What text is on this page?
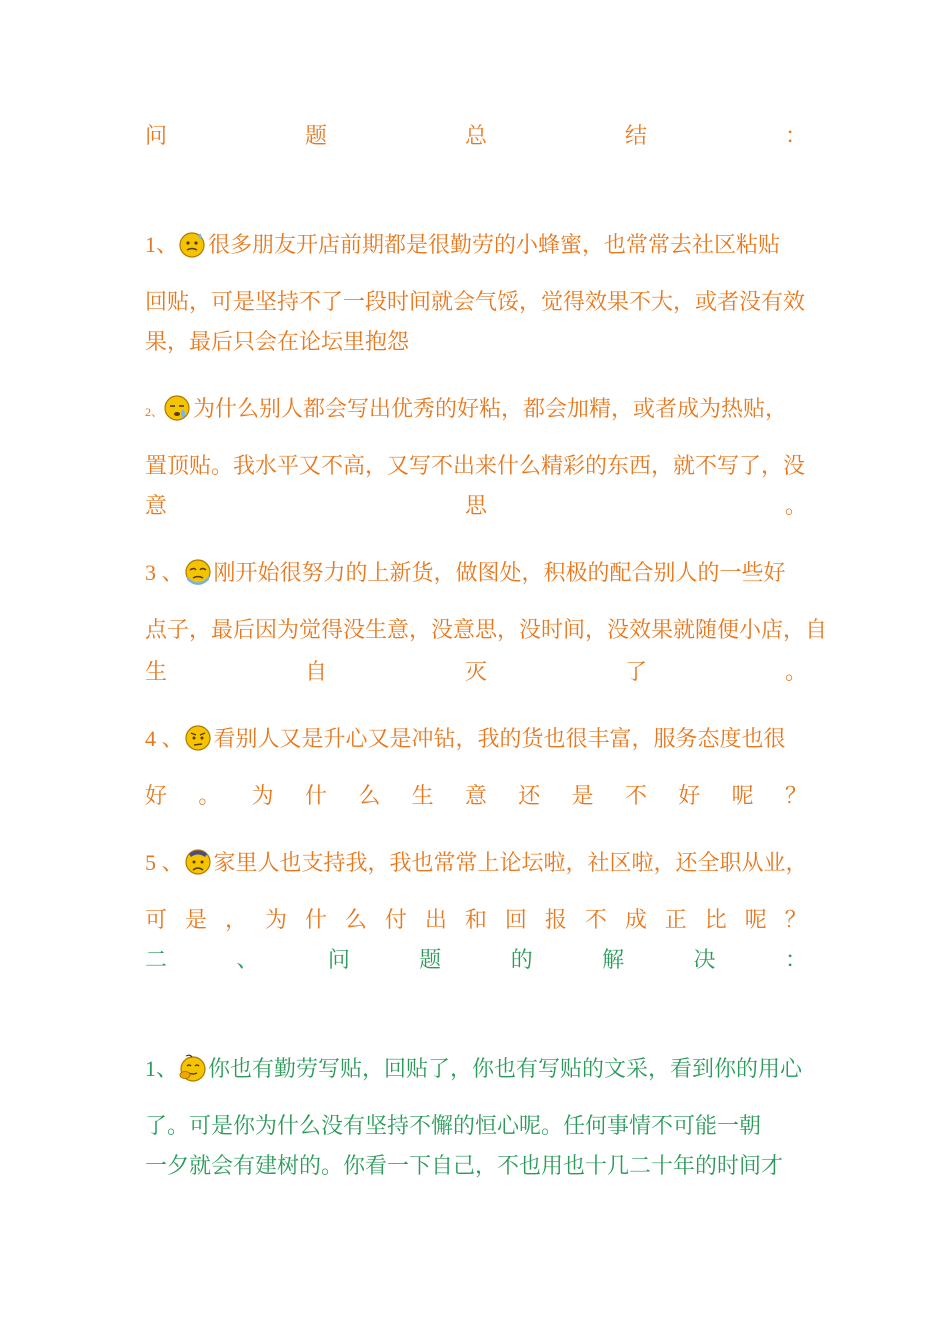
问	题	总	结	：
1、 很多朋友开店前期都是很勤劳的小蜂蜜，也常常去社区粘贴
回贴，可是坚持不了一段时间就会气馁，觉得效果不大，或者没有效
果，最后只会在论坛里抱怨
2、 为什么别人都会写出优秀的好粘，都会加精，或者成为热贴，
置顶贴。我水平又不高，又写不出来什么精彩的东西，就不写了，没
意	思	。
3 、 刚开始很努力的上新货，做图处，积极的配合别人的一些好
点子，最后因为觉得没生意，没意思，没时间，没效果就随便小店，自
生	自	灭	了	。
4 、 看别人又是升心又是冲钻，我的货也很丰富，服务态度也很
好 。 为 什 么 生 意 还 是 不 好 呢 ？
5 、 家里人也支持我，我也常常上论坛啦，社区啦，还全职从业，
可 是 ， 为 什 么 付 出 和 回 报 不 成 正 比 呢 ？
二	、	问	题	的	解	决	：
1、 你也有勤劳写贴，回贴了，你也有写贴的文采，看到你的用心
了。可是你为什么没有坚持不懈的恒心呢。任何事情不可能一朝
一夕就会有建树的。你看一下自己，不也用也十几二十年的时间才
